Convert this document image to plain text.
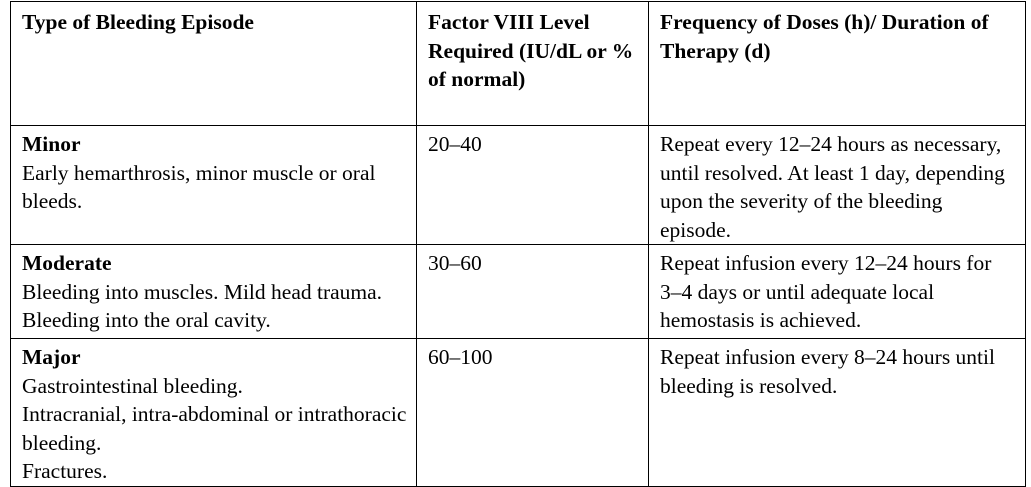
Type of Bleeding Episode	Factor VIII Level Required (IU/dL or % of normal)	Frequency of Doses (h)/ Duration of Therapy (d)

Minor
Early hemarthrosis, minor muscle or oral bleeds.	20–40	Repeat every 12–24 hours as necessary, until resolved. At least 1 day, depending upon the severity of the bleeding episode.

Moderate
Bleeding into muscles. Mild head trauma. Bleeding into the oral cavity.	30–60	Repeat infusion every 12–24 hours for 3–4 days or until adequate local hemostasis is achieved.

Major
Gastrointestinal bleeding.
Intracranial, intra-abdominal or intrathoracic bleeding.
Fractures.	60–100	Repeat infusion every 8–24 hours until bleeding is resolved.
